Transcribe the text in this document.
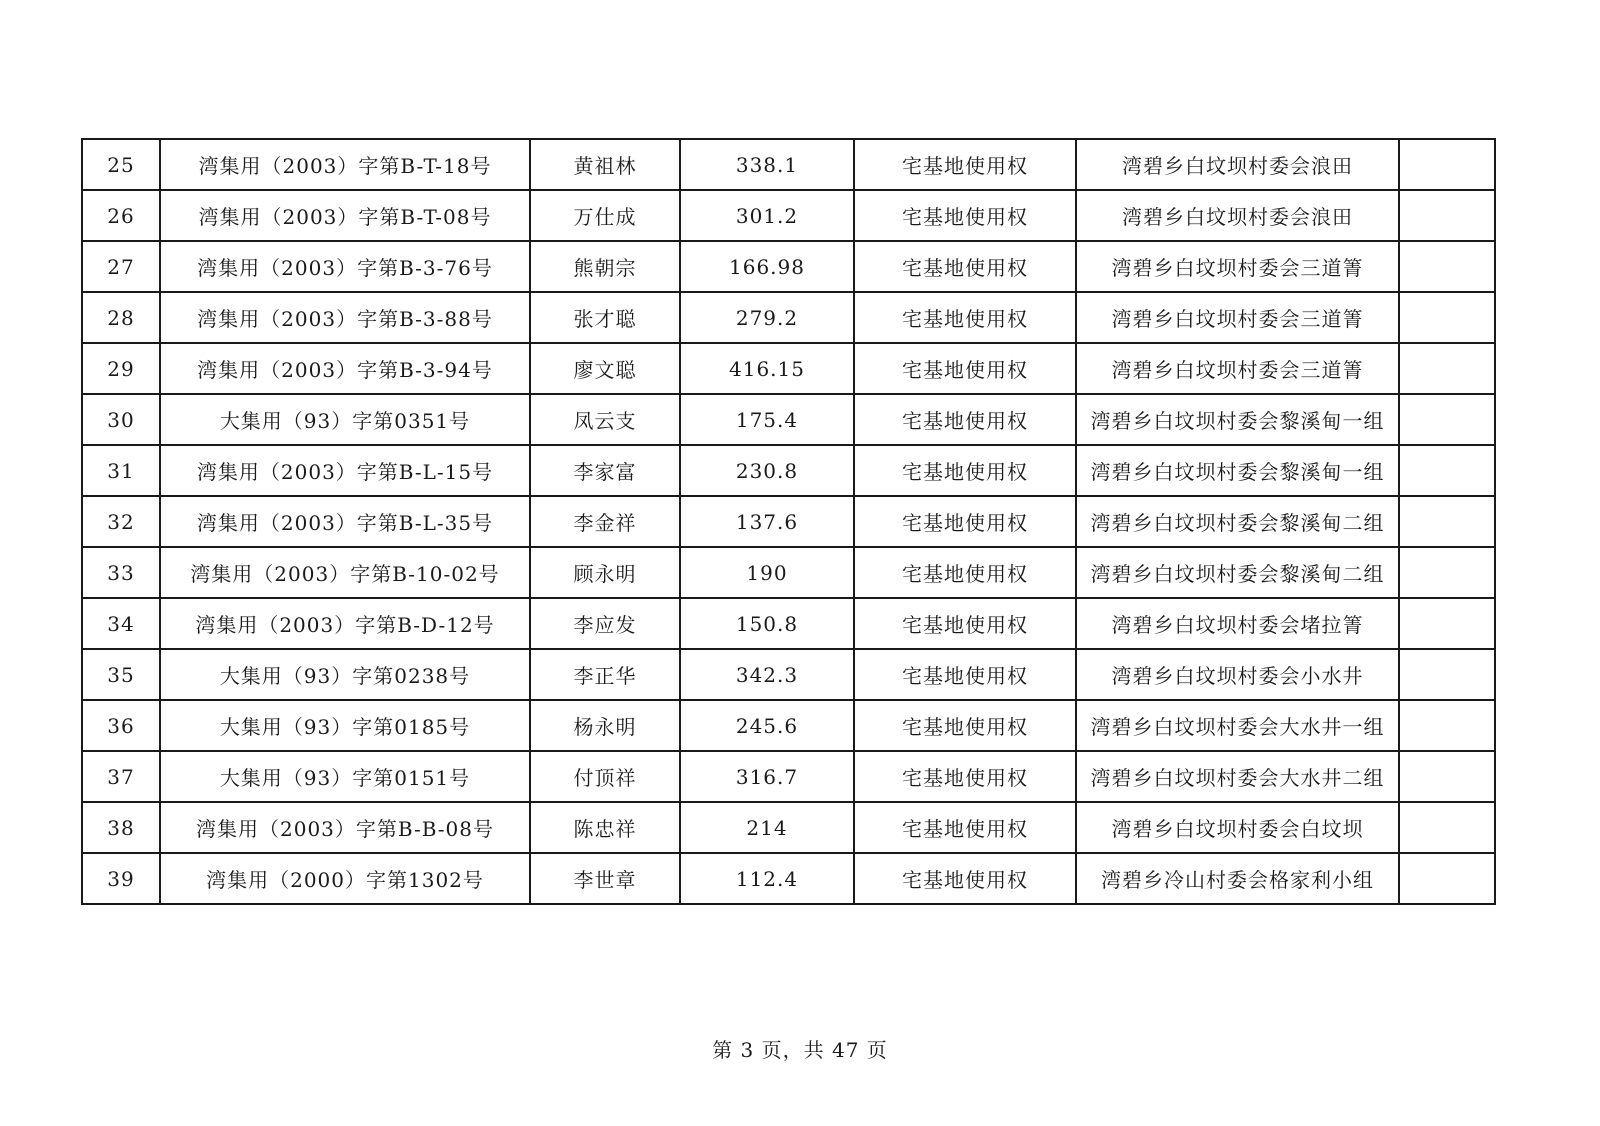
25	湾集用（2003）字第B-T-18号	黄祖林	338.1	宅基地使用权	湾碧乡白坟坝村委会浪田	
26	湾集用（2003）字第B-T-08号	万仕成	301.2	宅基地使用权	湾碧乡白坟坝村委会浪田	
27	湾集用（2003）字第B-3-76号	熊朝宗	166.98	宅基地使用权	湾碧乡白坟坝村委会三道箐	
28	湾集用（2003）字第B-3-88号	张才聪	279.2	宅基地使用权	湾碧乡白坟坝村委会三道箐	
29	湾集用（2003）字第B-3-94号	廖文聪	416.15	宅基地使用权	湾碧乡白坟坝村委会三道箐	
30	大集用（93）字第0351号	凤云支	175.4	宅基地使用权	湾碧乡白坟坝村委会黎溪甸一组	
31	湾集用（2003）字第B-L-15号	李家富	230.8	宅基地使用权	湾碧乡白坟坝村委会黎溪甸一组	
32	湾集用（2003）字第B-L-35号	李金祥	137.6	宅基地使用权	湾碧乡白坟坝村委会黎溪甸二组	
33	湾集用（2003）字第B-10-02号	顾永明	190	宅基地使用权	湾碧乡白坟坝村委会黎溪甸二组	
34	湾集用（2003）字第B-D-12号	李应发	150.8	宅基地使用权	湾碧乡白坟坝村委会堵拉箐	
35	大集用（93）字第0238号	李正华	342.3	宅基地使用权	湾碧乡白坟坝村委会小水井	
36	大集用（93）字第0185号	杨永明	245.6	宅基地使用权	湾碧乡白坟坝村委会大水井一组	
37	大集用（93）字第0151号	付顶祥	316.7	宅基地使用权	湾碧乡白坟坝村委会大水井二组	
38	湾集用（2003）字第B-B-08号	陈忠祥	214	宅基地使用权	湾碧乡白坟坝村委会白坟坝	
39	湾集用（2000）字第1302号	李世章	112.4	宅基地使用权	湾碧乡冷山村委会格家利小组	
第 3 页，共 47 页
